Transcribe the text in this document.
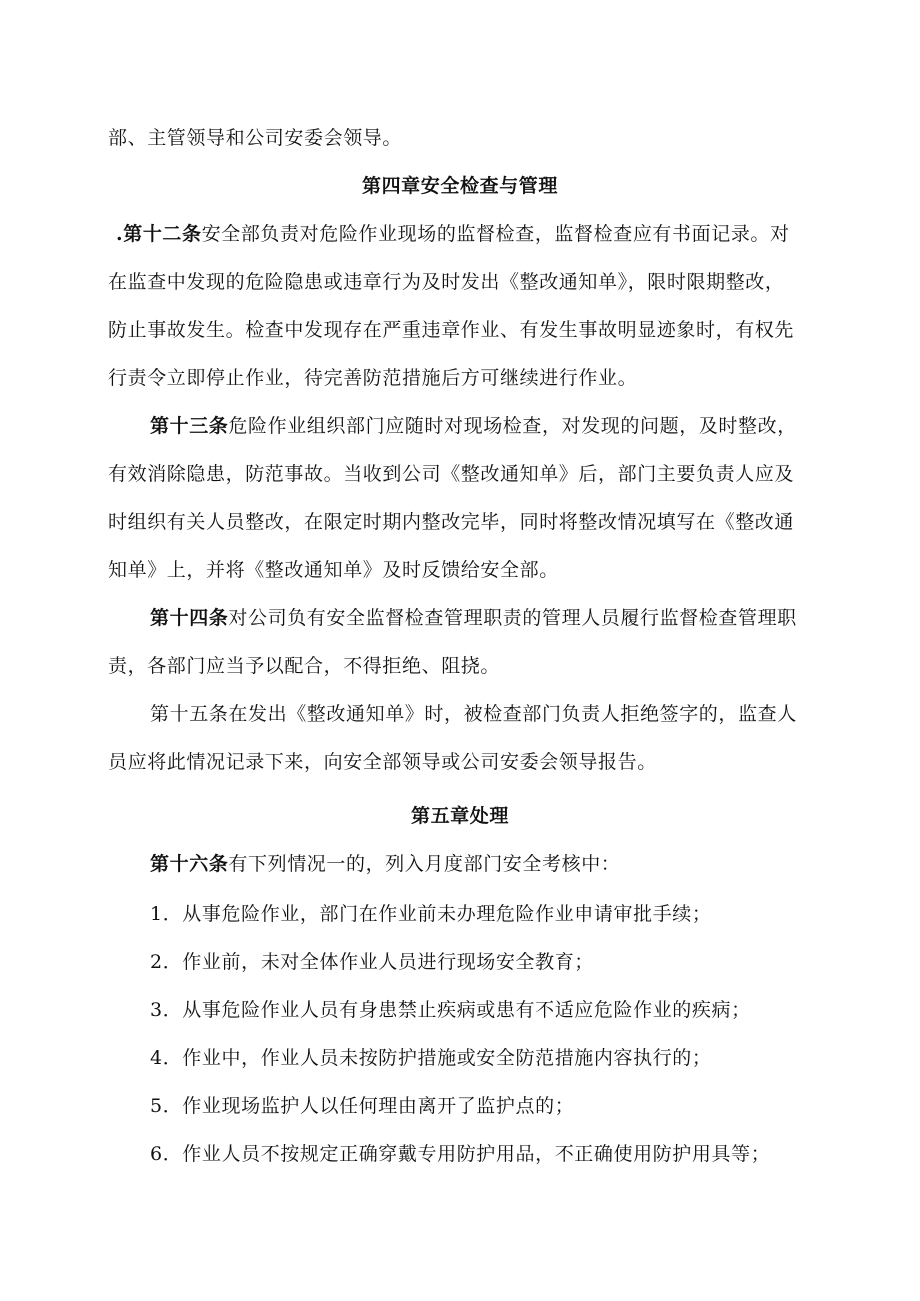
部、主管领导和公司安委会领导。
第四章安全检查与管理
.第十二条安全部负责对危险作业现场的监督检查，监督检查应有书面记录。对
在监查中发现的危险隐患或违章行为及时发出《整改通知单》，限时限期整改，
防止事故发生。检查中发现存在严重违章作业、有发生事故明显迹象时，有权先
行责令立即停止作业，待完善防范措施后方可继续进行作业。
第十三条危险作业组织部门应随时对现场检查，对发现的问题，及时整改，
有效消除隐患，防范事故。当收到公司《整改通知单》后，部门主要负责人应及
时组织有关人员整改，在限定时期内整改完毕，同时将整改情况填写在《整改通
知单》上，并将《整改通知单》及时反馈给安全部。
第十四条对公司负有安全监督检查管理职责的管理人员履行监督检查管理职
责，各部门应当予以配合，不得拒绝、阻挠。
第十五条在发出《整改通知单》时，被检查部门负责人拒绝签字的，监查人
员应将此情况记录下来，向安全部领导或公司安委会领导报告。
第五章处理
第十六条有下列情况一的，列入月度部门安全考核中：
1．从事危险作业，部门在作业前未办理危险作业申请审批手续；
2．作业前，未对全体作业人员进行现场安全教育；
3．从事危险作业人员有身患禁止疾病或患有不适应危险作业的疾病；
4．作业中，作业人员未按防护措施或安全防范措施内容执行的；
5．作业现场监护人以任何理由离开了监护点的；
6．作业人员不按规定正确穿戴专用防护用品，不正确使用防护用具等；
